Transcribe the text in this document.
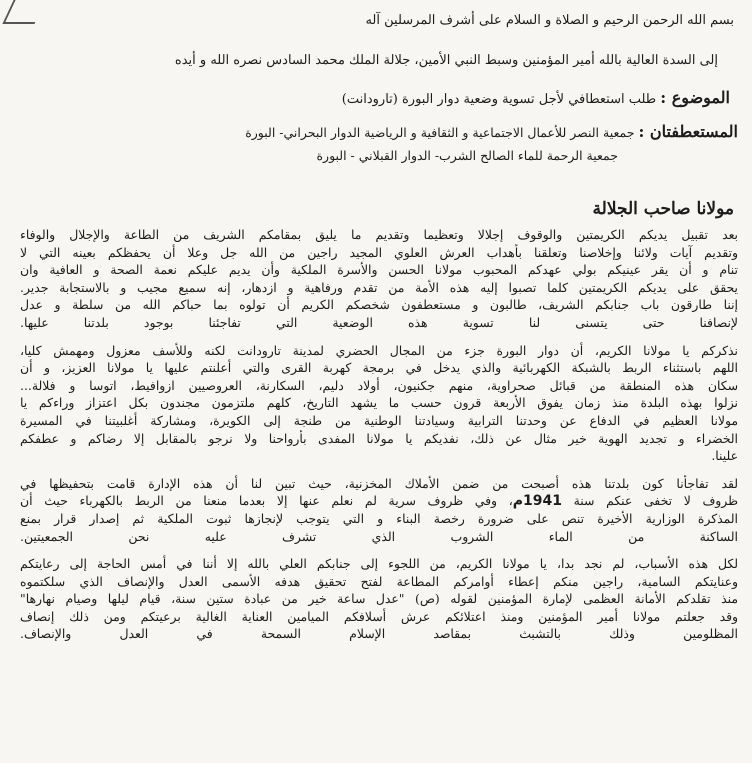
بسم الله الرحمن الرحيم و الصلاة و السلام على أشرف المرسلين آله
إلى السدة العالية بالله أمير المؤمنين وسبط النبي الأمين، جلالة الملك محمد السادس نصره الله و أيده
الموضوع : طلب استعطافي لأجل تسوية وضعية دوار البورة (تارودانت)
المستعطفتان : جمعية النصر للأعمال الاجتماعية و الثقافية و الرياضية الدوار البحراني- البورة
جمعية الرحمة للماء الصالح الشرب- الدوار القبلاني - البورة
مولانا صاحب الجلالة
بعد تقبيل يديكم الكريمتين والوقوف إجلالا وتعظيما وتقديم ما يليق بمقامكم الشريف من الطاعة والإجلال والوفاء
وتقديم آيات ولائنا وإخلاصنا وتعلقنا بأهداب العرش العلوي المجيد راجين من الله جل وعلا أن يحفظكم بعينه التي لا
تنام و أن يقر عينيكم بولي عهدكم المحبوب مولانا الحسن والأسرة الملكية وأن يديم عليكم نعمة الصحة و العافية وان
يحقق على يديكم الكريمتين كلما تصبوا إليه هذه الأمة من تقدم ورفاهية و ازدهار، إنه سميع مجيب و بالاستجابة جدير.
إننا طارقون باب جنابكم الشريف، طالبون و مستعطفون شخصكم الكريم أن تولوه بما حباكم الله من سلطة و عدل
لإنصافنا حتى يتسنى لنا تسوية هذه الوضعية التي تفاجئنا بوجود بلدتنا عليها.
نذكركم يا مولانا الكريم، أن دوار البورة جزء من المجال الحضري لمدينة تارودانت لكنه وللأسف معزول ومهمش كليا،
اللهم باستثناء الربط بالشبكة الكهربائية والذي يدخل في برمجة كهربة القرى والتي أعلنتم عليها يا مولانا العزيز، و أن
سكان هذه المنطقة من قبائل صحراوية، منهم جكنيون، أولاد دليم، السكارنة، العروصيين ازوافيط، اتوسا و فلالة...
نزلوا بهذه البلدة منذ زمان يفوق الأربعة قرون حسب ما يشهد التاريخ، كلهم ملتزمون مجندون بكل اعتزاز وراءكم يا
مولانا العظيم في الدفاع عن وحدتنا الترابية وسيادتنا الوطنية من طنجة إلى الكويرة، ومشاركة أغلبيتنا في المسيرة
الخضراء و تجديد الهوية خير مثال عن ذلك، نفديكم يا مولانا المفدى بأرواحنا ولا نرجو بالمقابل إلا رضاكم و عطفكم
علينا.
لقد تفاجأنا كون بلدتنا هذه أصبحت من ضمن الأملاك المخزنية، حيث تبين لنا أن هذه الإدارة قامت بتحفيظها في
ظروف لا تخفى عنكم سنة 1941م، وفي ظروف سرية لم نعلم عنها إلا بعدما منعنا من الربط بالكهرباء حيث أن
المذكرة الوزارية الأخيرة تنص على ضرورة رخصة البناء و التي يتوجب لإنجازها ثبوت الملكية ثم إصدار قرار بمنع
الساكنة من الماء الشروب الذي تشرف عليه نحن الجمعيتين.
لكل هذه الأسباب، لم نجد بدا، يا مولانا الكريم، من اللجوء إلى جنابكم العلي بالله إلا أننا في أمس الحاجة إلى رعايتكم
وعنايتكم السامية، راجين منكم إعطاء أوامركم المطاعة لفتح تحقيق هدفه الأسمى العدل والإنصاف الذي سلكتموه
منذ تقلدكم الأمانة العظمى لإمارة المؤمنين لقوله (ص) "عدل ساعة خير من عبادة ستين سنة، قيام ليلها وصيام نهارها"
وقد جعلتم مولانا أمير المؤمنين ومنذ اعتلائكم عرش أسلافكم الميامين العناية الغالية برعيتكم ومن ذلك إنصاف
المظلومين وذلك بالتشبث بمقاصد الإسلام السمحة في العدل والإنصاف.
